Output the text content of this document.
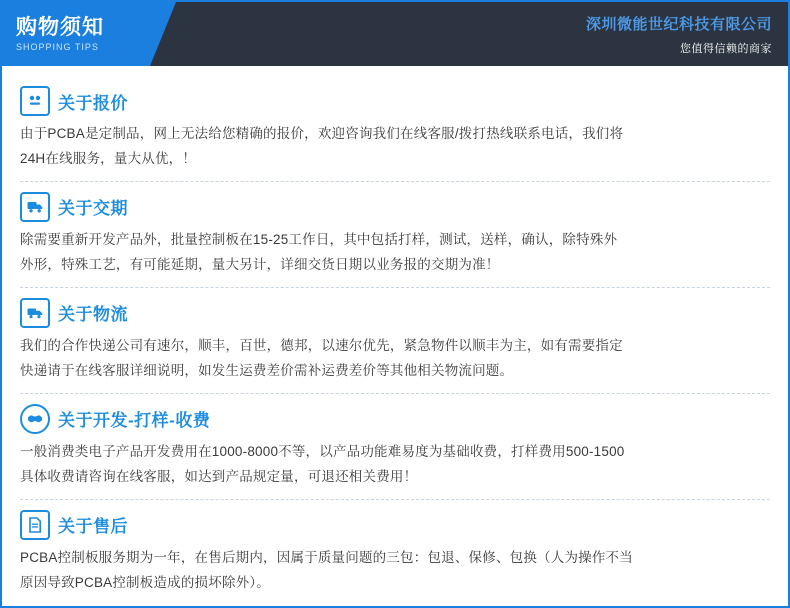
购物须知
SHOPPING TIPS
深圳微能世纪科技有限公司
您值得信赖的商家
关于报价

由于PCBA是定制品，网上无法给您精确的报价，欢迎咨询我们在线客服/拨打热线联系电话，我们将

24H在线服务，量大从优，！

关于交期

除需要重新开发产品外，批量控制板在15-25工作日，其中包括打样，测试，送样，确认，除特殊外

外形，特殊工艺，有可能延期，量大另计，详细交货日期以业务报的交期为准！

关于物流

我们的合作快递公司有速尔，顺丰，百世，德邦，以速尔优先，紧急物件以顺丰为主，如有需要指定

快递请于在线客服详细说明，如发生运费差价需补运费差价等其他相关物流问题。

关于开发-打样-收费

一般消费类电子产品开发费用在1000-8000不等，以产品功能难易度为基础收费，打样费用500-1500

具体收费请咨询在线客服，如达到产品规定量，可退还相关费用！

关于售后

PCBA控制板服务期为一年，在售后期内，因属于质量问题的三包：包退、保修、包换（人为操作不当

原因导致PCBA控制板造成的损坏除外）。
